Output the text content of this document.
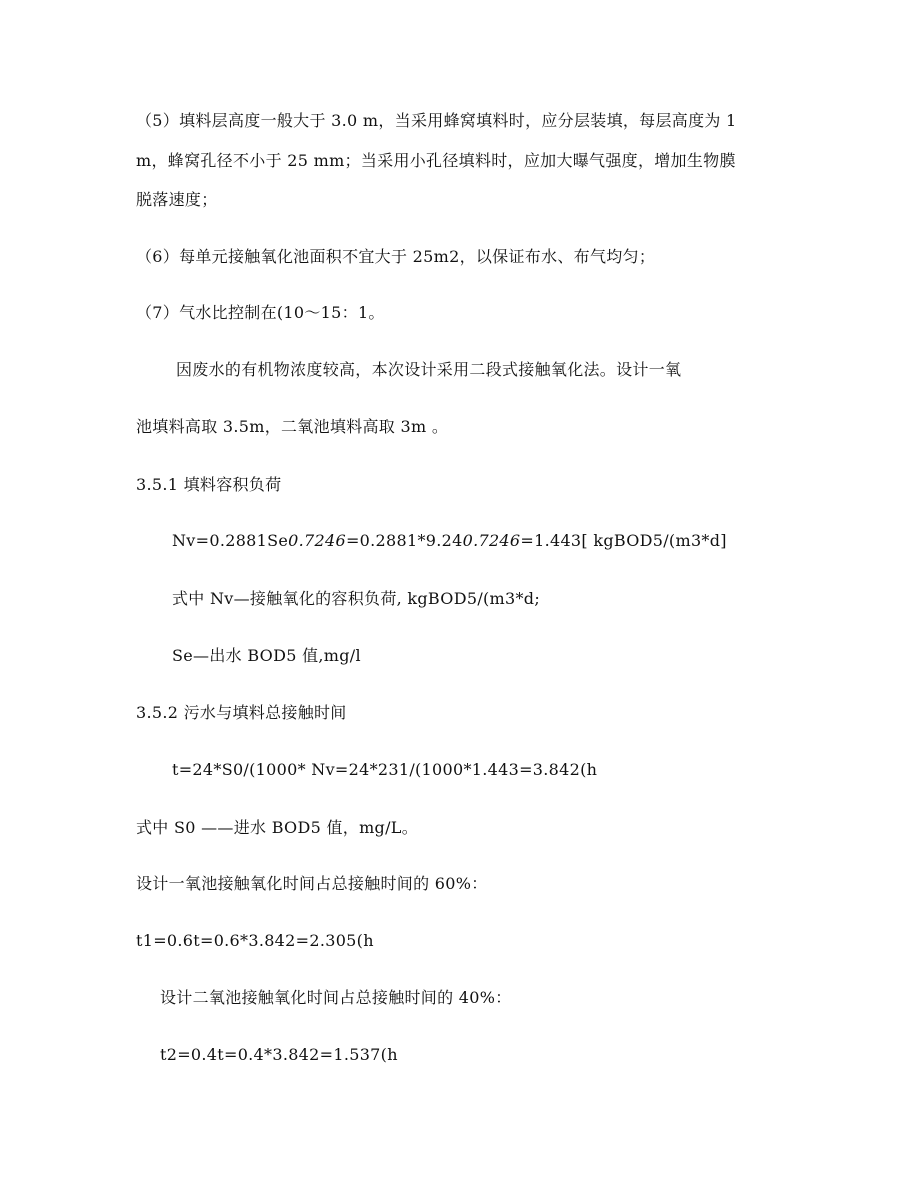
（5）填料层高度一般大于 3.0 m，当采用蜂窝填料时，应分层装填，每层高度为 1
m，蜂窝孔径不小于 25 mm；当采用小孔径填料时，应加大曝气强度，增加生物膜
脱落速度；
（6）每单元接触氧化池面积不宜大于 25m2，以保证布水、布气均匀；
（7）气水比控制在(10～15：1。
因废水的有机物浓度较高，本次设计采用二段式接触氧化法。设计一氧
池填料高取 3.5m，二氧池填料高取 3m 。
3.5.1 填料容积负荷
Nv=0.2881Se0.7246=0.2881*9.240.7246=1.443[ kgBOD5/(m3*d]
式中 Nv—接触氧化的容积负荷, kgBOD5/(m3*d;
Se—出水 BOD5 值,mg/l
3.5.2 污水与填料总接触时间
t=24*S0/(1000* Nv=24*231/(1000*1.443=3.842(h
式中 S0 ——进水 BOD5 值，mg/L。
设计一氧池接触氧化时间占总接触时间的 60%：
t1=0.6t=0.6*3.842=2.305(h
设计二氧池接触氧化时间占总接触时间的 40%：
t2=0.4t=0.4*3.842=1.537(h
